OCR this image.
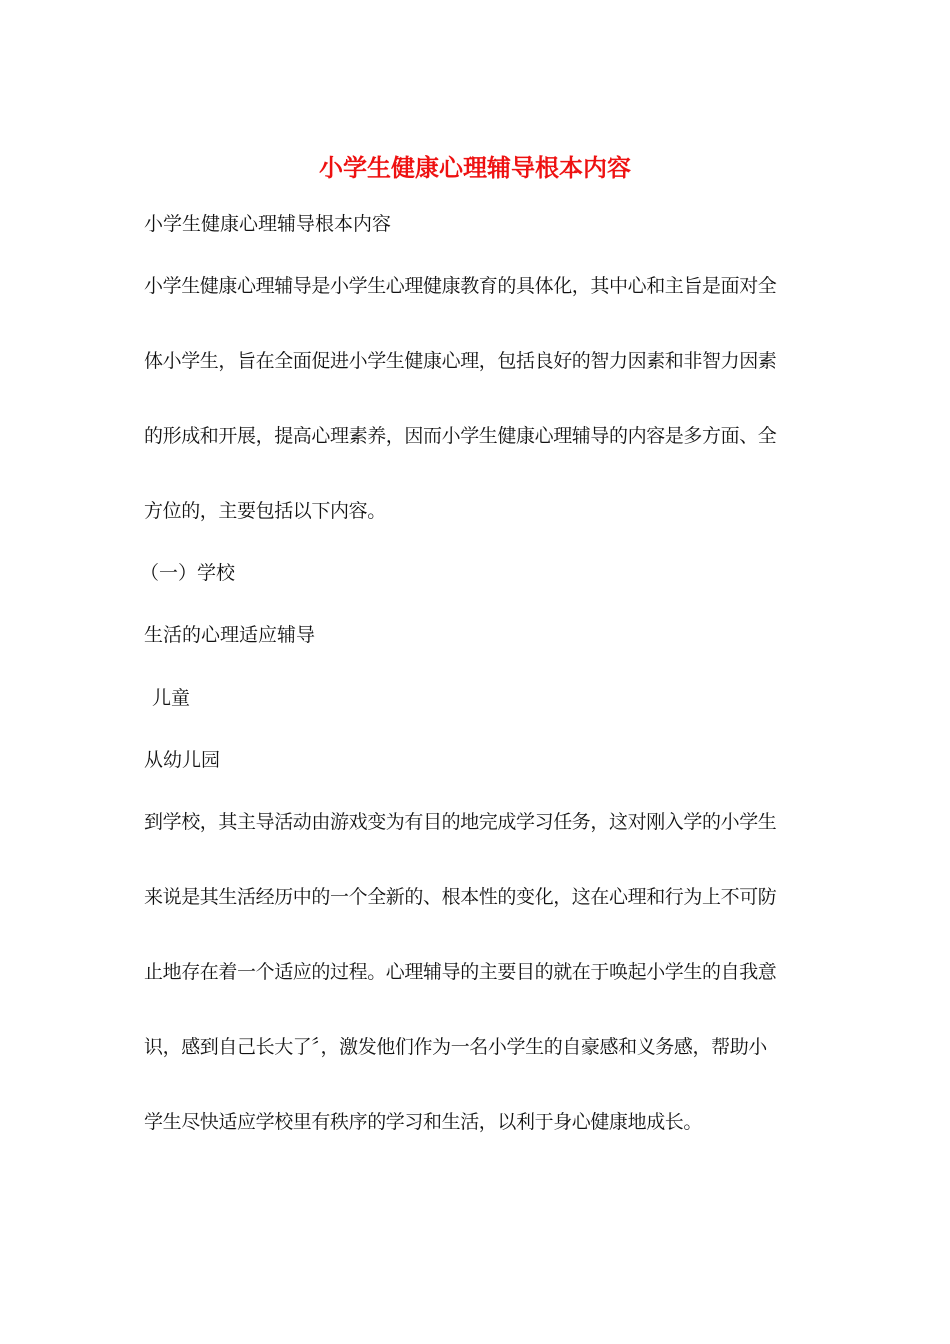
小学生健康心理辅导根本内容
小学生健康心理辅导根本内容
小学生健康心理辅导是小学生心理健康教育的具体化，其中心和主旨是面对全
体小学生，旨在全面促进小学生健康心理，包括良好的智力因素和非智力因素
的形成和开展，提高心理素养，因而小学生健康心理辅导的内容是多方面、全
方位的，主要包括以下内容。
（一）学校
生活的心理适应辅导
儿童
从幼儿园
到学校，其主导活动由游戏变为有目的地完成学习任务，这对刚入学的小学生
来说是其生活经历中的一个全新的、根本性的变化，这在心理和行为上不可防
止地存在着一个适应的过程。心理辅导的主要目的就在于唤起小学生的自我意
识，感到自己长大了〞，激发他们作为一名小学生的自豪感和义务感，帮助小
学生尽快适应学校里有秩序的学习和生活，以利于身心健康地成长。
